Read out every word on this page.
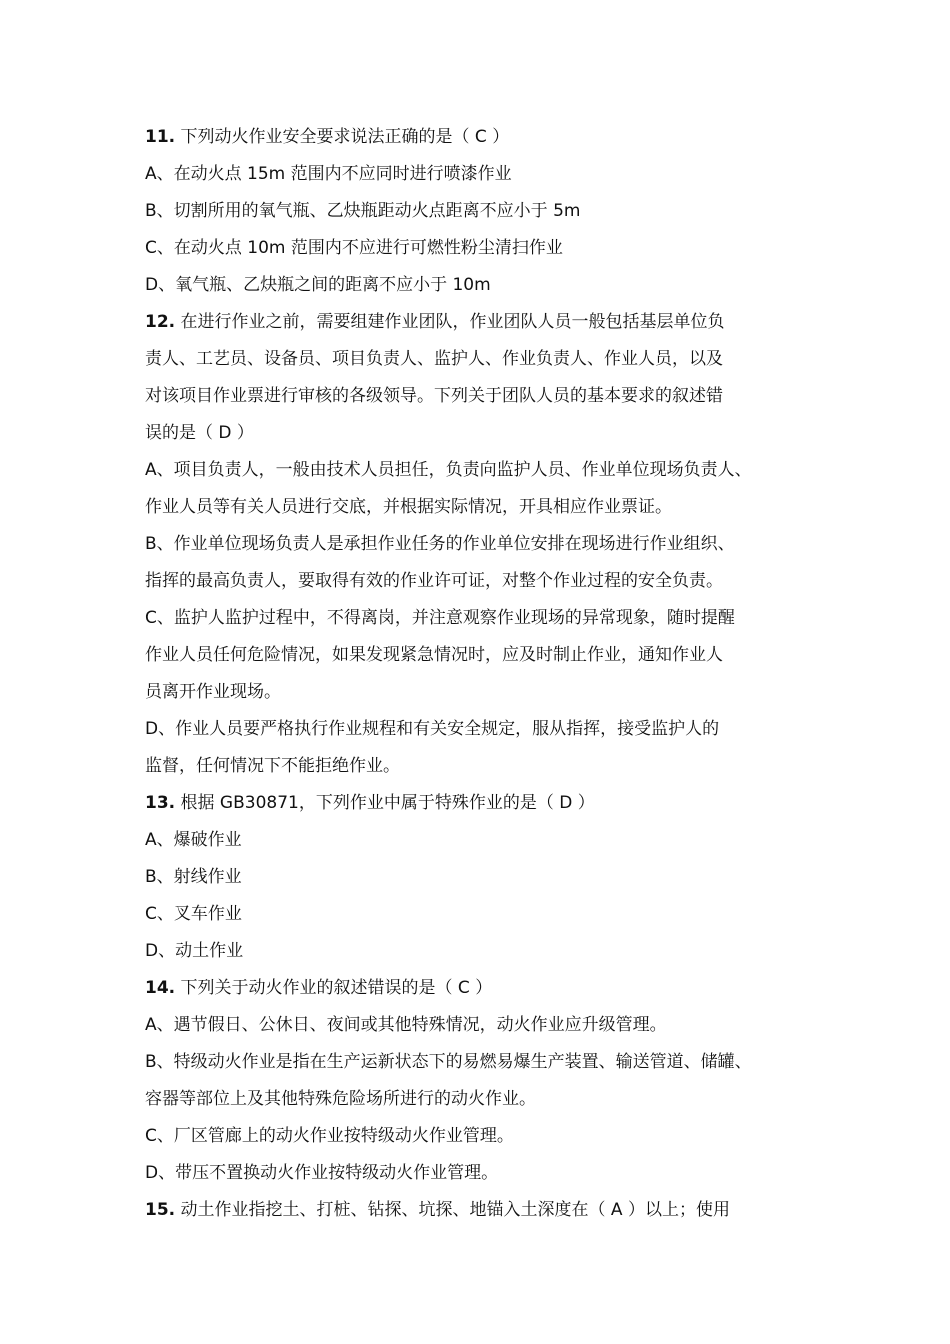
11. 下列动火作业安全要求说法正确的是（ C ）
A、在动火点 15m 范围内不应同时进行喷漆作业
B、切割所用的氧气瓶、乙炔瓶距动火点距离不应小于 5m
C、在动火点 10m 范围内不应进行可燃性粉尘清扫作业
D、氧气瓶、乙炔瓶之间的距离不应小于 10m
12. 在进行作业之前，需要组建作业团队，作业团队人员一般包括基层单位负
责人、工艺员、设备员、项目负责人、监护人、作业负责人、作业人员，以及
对该项目作业票进行审核的各级领导。下列关于团队人员的基本要求的叙述错
误的是（ D ）
A、项目负责人，一般由技术人员担任，负责向监护人员、作业单位现场负责人、
作业人员等有关人员进行交底，并根据实际情况，开具相应作业票证。
B、作业单位现场负责人是承担作业任务的作业单位安排在现场进行作业组织、
指挥的最高负责人，要取得有效的作业许可证，对整个作业过程的安全负责。
C、监护人监护过程中，不得离岗，并注意观察作业现场的异常现象，随时提醒
作业人员任何危险情况，如果发现紧急情况时，应及时制止作业，通知作业人
员离开作业现场。
D、作业人员要严格执行作业规程和有关安全规定，服从指挥，接受监护人的
监督，任何情况下不能拒绝作业。
13. 根据 GB30871，下列作业中属于特殊作业的是（ D ）
A、爆破作业
B、射线作业
C、叉车作业
D、动土作业
14. 下列关于动火作业的叙述错误的是（ C ）
A、遇节假日、公休日、夜间或其他特殊情况，动火作业应升级管理。
B、特级动火作业是指在生产运新状态下的易燃易爆生产装置、输送管道、储罐、
容器等部位上及其他特殊危险场所进行的动火作业。
C、厂区管廊上的动火作业按特级动火作业管理。
D、带压不置换动火作业按特级动火作业管理。
15. 动土作业指挖土、打桩、钻探、坑探、地锚入土深度在（ A ）以上；使用
